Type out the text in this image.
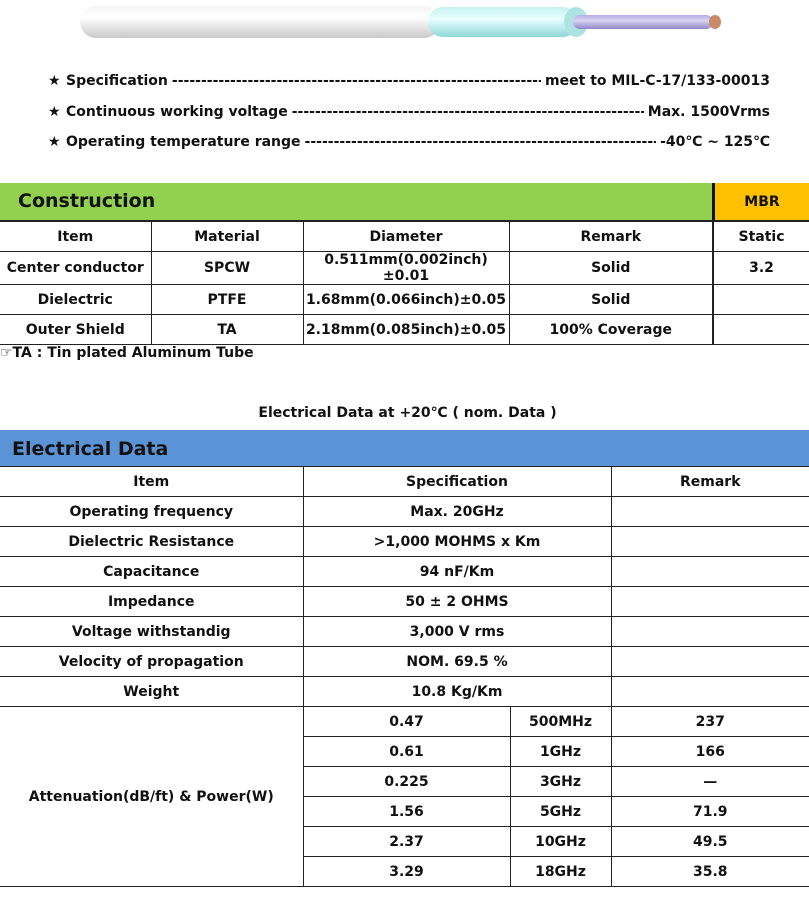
★ Specification -----	meet to MIL-C-17/133-00013
★ Continuous working voltage -----	Max. 1500Vrms
★ Operating temperature range -----	-40℃ ~ 125℃
Construction	MBR
Item	Material	Diameter	Remark	Static
Center conductor	SPCW	0.511mm(0.002inch)±0.01	Solid	3.2
Dielectric	PTFE	1.68mm(0.066inch)±0.05	Solid	
Outer Shield	TA	2.18mm(0.085inch)±0.05	100% Coverage	
☞TA : Tin plated Aluminum Tube
Electrical Data at +20℃ ( nom. Data )
Electrical Data
Item	Specification		Remark
Operating frequency	Max. 20GHz		
Dielectric Resistance	>1,000 MOHMS x Km		
Capacitance	94 nF/Km		
Impedance	50 ± 2 OHMS		
Voltage withstandig	3,000 V rms		
Velocity of propagation	NOM. 69.5 %		
Weight	10.8 Kg/Km		
Attenuation(dB/ft) & Power(W)	0.47	500MHz	237
	0.61	1GHz	166
	0.225	3GHz	—
	1.56	5GHz	71.9
	2.37	10GHz	49.5
	3.29	18GHz	35.8
